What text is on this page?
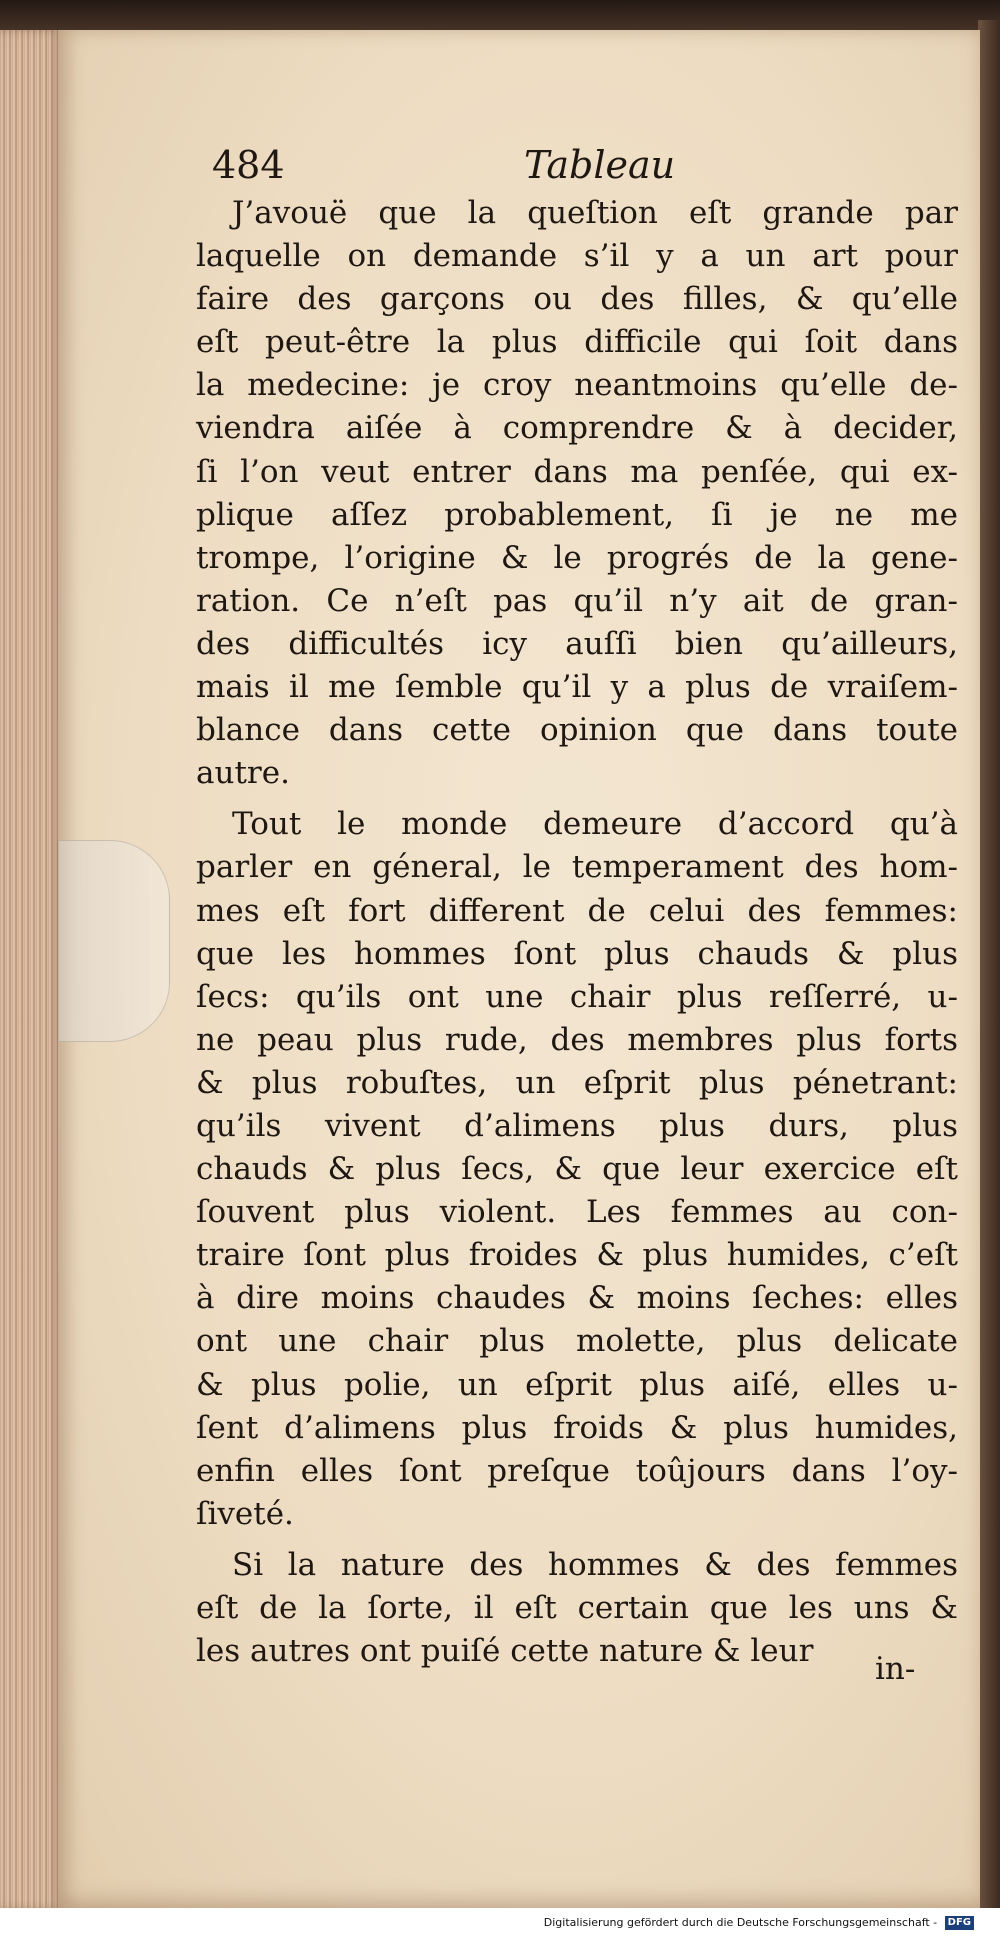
484	Tableau
J’avouë que la queſtion eſt grande par
laquelle on demande s’il y a un art pour
faire des garçons ou des filles, & qu’elle
eſt peut-être la plus difficile qui ſoit dans
la medecine: je croy neantmoins qu’elle de-
viendra aiſée à comprendre & à decider,
ſi l’on veut entrer dans ma penſée, qui ex-
plique aſſez probablement, ſi je ne me
trompe, l’origine & le progrés de la gene-
ration. Ce n’eſt pas qu’il n’y ait de gran-
des difficultés icy auſſi bien qu’ailleurs,
mais il me ſemble qu’il y a plus de vraiſem-
blance dans cette opinion que dans toute
autre.
Tout le monde demeure d’accord qu’à
parler en géneral, le temperament des hom-
mes eſt fort different de celui des femmes:
que les hommes ſont plus chauds & plus
ſecs: qu’ils ont une chair plus reſſerré, u-
ne peau plus rude, des membres plus forts
& plus robuſtes, un eſprit plus pénetrant:
qu’ils vivent d’alimens plus durs, plus
chauds & plus ſecs, & que leur exercice eſt
ſouvent plus violent. Les femmes au con-
traire ſont plus froides & plus humides, c’eſt
à dire moins chaudes & moins ſeches: elles
ont une chair plus molette, plus delicate
& plus polie, un eſprit plus aiſé, elles u-
ſent d’alimens plus froids & plus humides,
enfin elles ſont preſque toûjours dans l’oy-
ſiveté.
Si la nature des hommes & des femmes
eſt de la ſorte, il eſt certain que les uns &
les autres ont puiſé cette nature & leur	in-
Digitalisierung gefördert durch die Deutsche Forschungsgemeinschaft - DFG
